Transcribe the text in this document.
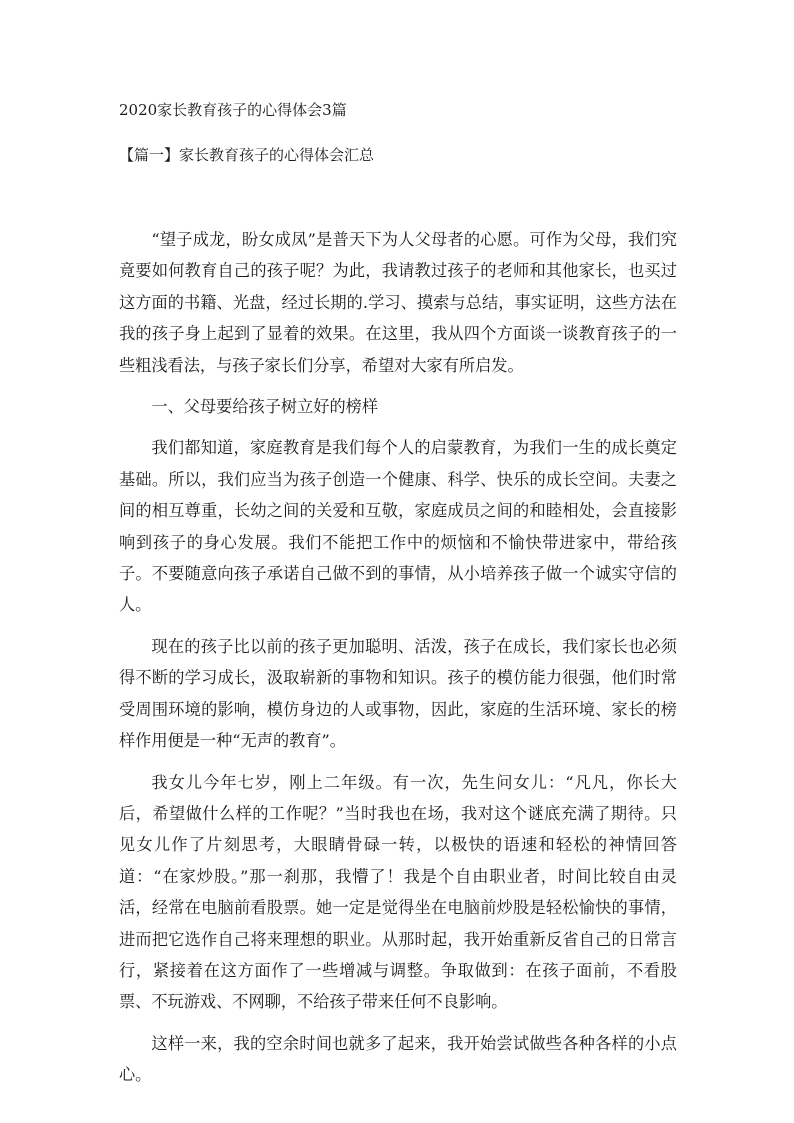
2020家长教育孩子的心得体会3篇
【篇一】家长教育孩子的心得体会汇总

“望子成龙，盼女成凤”是普天下为人父母者的心愿。可作为父母，我们究竟要如何教育自己的孩子呢？为此，我请教过孩子的老师和其他家长，也买过这方面的书籍、光盘，经过长期的.学习、摸索与总结，事实证明，这些方法在我的孩子身上起到了显着的效果。在这里，我从四个方面谈一谈教育孩子的一些粗浅看法，与孩子家长们分享，希望对大家有所启发。

一、父母要给孩子树立好的榜样

我们都知道，家庭教育是我们每个人的启蒙教育，为我们一生的成长奠定基础。所以，我们应当为孩子创造一个健康、科学、快乐的成长空间。夫妻之间的相互尊重，长幼之间的关爱和互敬，家庭成员之间的和睦相处，会直接影响到孩子的身心发展。我们不能把工作中的烦恼和不愉快带进家中，带给孩子。不要随意向孩子承诺自己做不到的事情，从小培养孩子做一个诚实守信的人。

现在的孩子比以前的孩子更加聪明、活泼，孩子在成长，我们家长也必须得不断的学习成长，汲取崭新的事物和知识。孩子的模仿能力很强，他们时常受周围环境的影响，模仿身边的人或事物，因此，家庭的生活环境、家长的榜样作用便是一种“无声的教育”。

我女儿今年七岁，刚上二年级。有一次，先生问女儿：“凡凡，你长大后，希望做什么样的工作呢？”当时我也在场，我对这个谜底充满了期待。只见女儿作了片刻思考，大眼睛骨碌一转，以极快的语速和轻松的神情回答道：“在家炒股。”那一刹那，我懵了！我是个自由职业者，时间比较自由灵活，经常在电脑前看股票。她一定是觉得坐在电脑前炒股是轻松愉快的事情，进而把它选作自己将来理想的职业。从那时起，我开始重新反省自己的日常言行，紧接着在这方面作了一些增减与调整。争取做到：在孩子面前，不看股票、不玩游戏、不网聊，不给孩子带来任何不良影响。

这样一来，我的空余时间也就多了起来，我开始尝试做些各种各样的小点心。
